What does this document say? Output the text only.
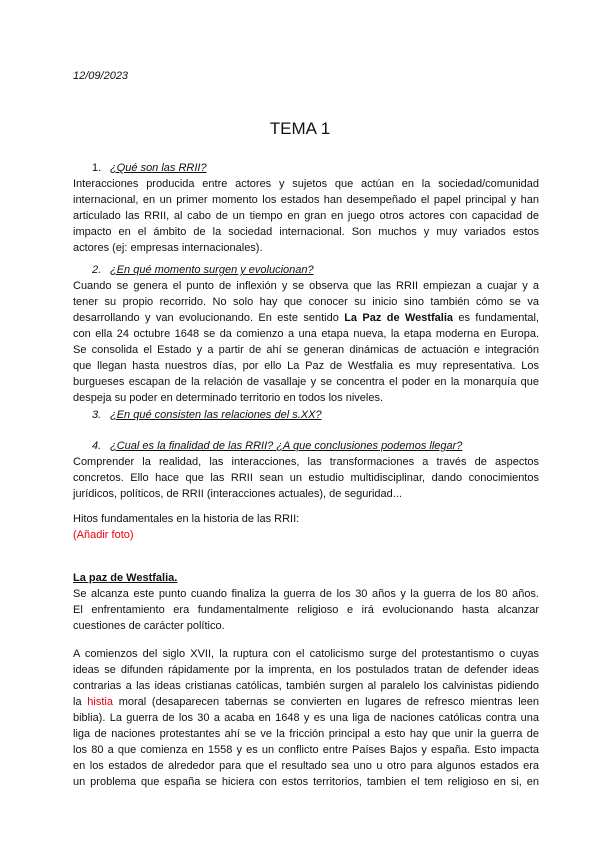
12/09/2023
TEMA 1
1. ¿Qué son las RRII?
Interacciones producida entre actores y sujetos que actúan en la sociedad/comunidad
internacional, en un primer momento los estados han desempeñado el papel principal y han
articulado las RRII, al cabo de un tiempo en gran en juego otros actores con capacidad de
impacto en el ámbito de la sociedad internacional. Son muchos y muy variados estos
actores (ej: empresas internacionales).
2. ¿En qué momento surgen y evolucionan?
Cuando se genera el punto de inflexión y se observa que las RRII empiezan a cuajar y a
tener su propio recorrido. No solo hay que conocer su inicio sino también cómo se va
desarrollando y van evolucionando. En este sentido La Paz de Westfalia es fundamental,
con ella 24 octubre 1648 se da comienzo a una etapa nueva, la etapa moderna en Europa.
Se consolida el Estado y a partir de ahí se generan dinámicas de actuación e integración
que llegan hasta nuestros días, por ello La Paz de Westfalia es muy representativa. Los
burgueses escapan de la relación de vasallaje y se concentra el poder en la monarquía que
despeja su poder en determinado territorio en todos los niveles.
3. ¿En qué consisten las relaciones del s.XX?
4. ¿Cual es la finalidad de las RRII? ¿A que conclusiones podemos llegar?
Comprender la realidad, las interacciones, las transformaciones a través de aspectos
concretos. Ello hace que las RRII sean un estudio multidisciplinar, dando conocimientos
jurídicos, políticos, de RRII (interacciones actuales), de seguridad...
Hitos fundamentales en la historia de las RRII:
(Añadir foto)
La paz de Westfalia.
Se alcanza este punto cuando finaliza la guerra de los 30 años y la guerra de los 80 años.
El enfrentamiento era fundamentalmente religioso e irá evolucionando hasta alcanzar
cuestiones de carácter político.
A comienzos del siglo XVII, la ruptura con el catolicismo surge del protestantismo o cuyas
ideas se difunden rápidamente por la imprenta, en los postulados tratan de defender ideas
contrarias a las ideas cristianas católicas, también surgen al paralelo los calvinistas pidiendo
la histia moral (desaparecen tabernas se convierten en lugares de refresco mientras leen
biblia). La guerra de los 30 a acaba en 1648 y es una liga de naciones católicas contra una
liga de naciones protestantes ahí se ve la fricción principal a esto hay que unir la guerra de
los 80 a que comienza en 1558 y es un conflicto entre Países Bajos y españa. Esto impacta
en los estados de alrededor para que el resultado sea uno u otro para algunos estados era
un problema que españa se hiciera con estos territorios, tambien el tem religioso en si, en
